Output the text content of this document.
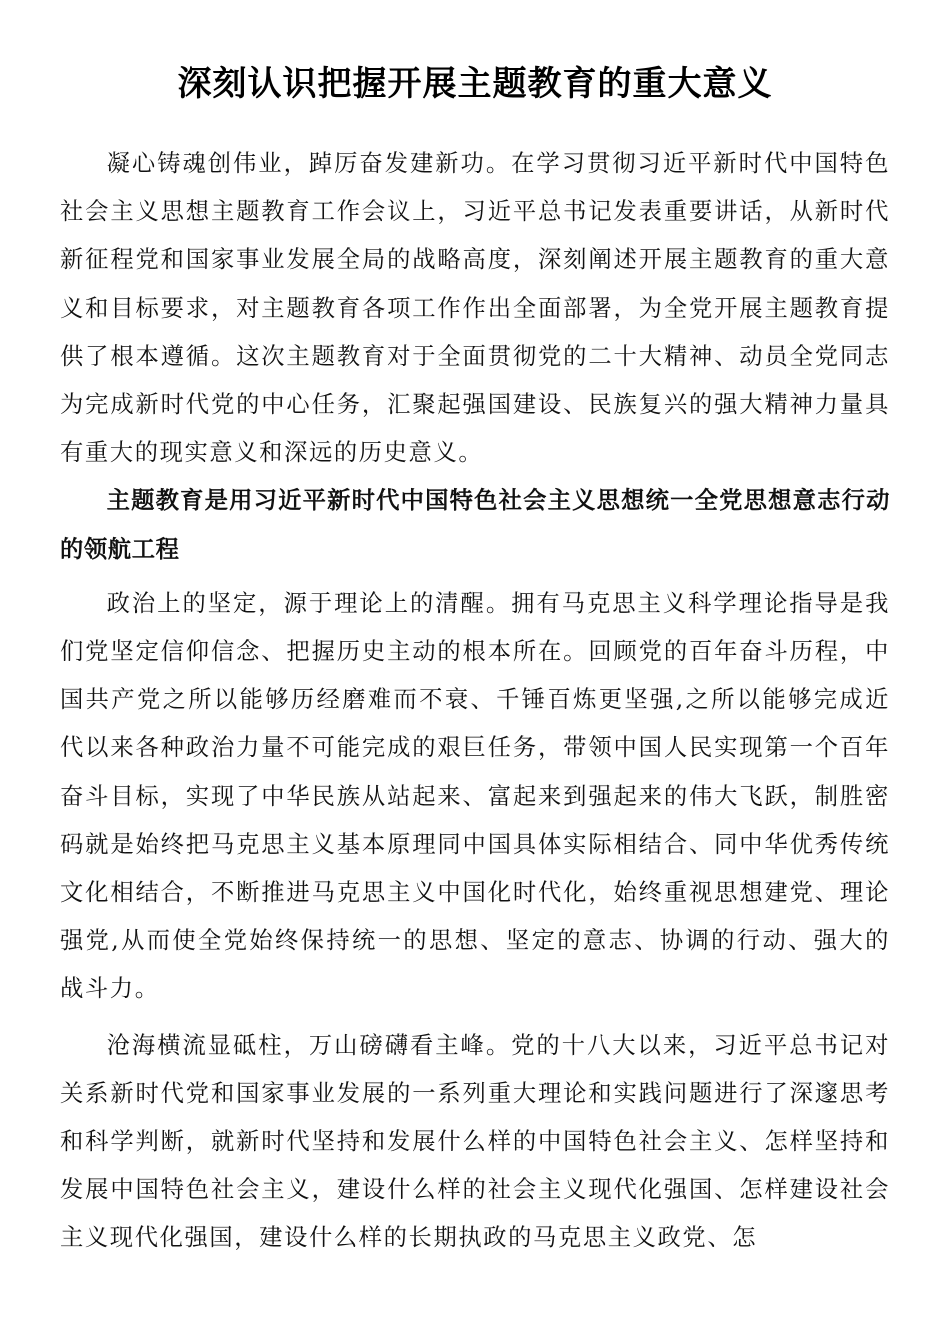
深刻认识把握开展主题教育的重大意义

凝心铸魂创伟业，踔厉奋发建新功。在学习贯彻习近平新时代中国特色社会主义思想主题教育工作会议上，习近平总书记发表重要讲话，从新时代新征程党和国家事业发展全局的战略高度，深刻阐述开展主题教育的重大意义和目标要求，对主题教育各项工作作出全面部署，为全党开展主题教育提供了根本遵循。这次主题教育对于全面贯彻党的二十大精神、动员全党同志为完成新时代党的中心任务，汇聚起强国建设、民族复兴的强大精神力量具有重大的现实意义和深远的历史意义。

主题教育是用习近平新时代中国特色社会主义思想统一全党思想意志行动的领航工程

政治上的坚定，源于理论上的清醒。拥有马克思主义科学理论指导是我们党坚定信仰信念、把握历史主动的根本所在。回顾党的百年奋斗历程，中国共产党之所以能够历经磨难而不衰、千锤百炼更坚强,之所以能够完成近代以来各种政治力量不可能完成的艰巨任务，带领中国人民实现第一个百年奋斗目标，实现了中华民族从站起来、富起来到强起来的伟大飞跃，制胜密码就是始终把马克思主义基本原理同中国具体实际相结合、同中华优秀传统文化相结合，不断推进马克思主义中国化时代化，始终重视思想建党、理论强党,从而使全党始终保持统一的思想、坚定的意志、协调的行动、强大的战斗力。

沧海横流显砥柱，万山磅礴看主峰。党的十八大以来，习近平总书记对关系新时代党和国家事业发展的一系列重大理论和实践问题进行了深邃思考和科学判断，就新时代坚持和发展什么样的中国特色社会主义、怎样坚持和发展中国特色社会主义，建设什么样的社会主义现代化强国、怎样建设社会主义现代化强国，建设什么样的长期执政的马克思主义政党、怎
